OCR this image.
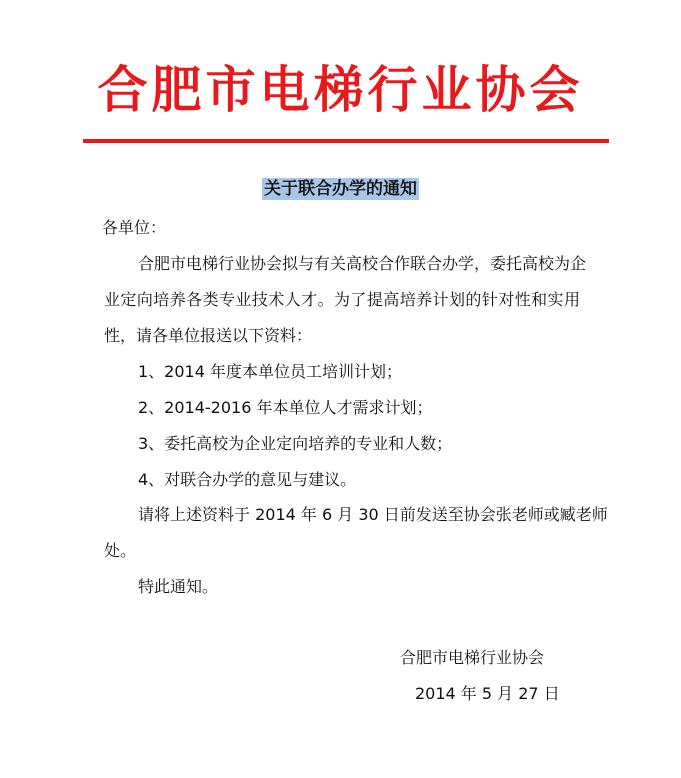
合肥市电梯行业协会
关于联合办学的通知
各单位：
合肥市电梯行业协会拟与有关高校合作联合办学，委托高校为企
业定向培养各类专业技术人才。为了提高培养计划的针对性和实用
性，请各单位报送以下资料：
1、2014 年度本单位员工培训计划；
2、2014-2016 年本单位人才需求计划；
3、委托高校为企业定向培养的专业和人数；
4、对联合办学的意见与建议。
请将上述资料于 2014 年 6 月 30 日前发送至协会张老师或臧老师
处。
特此通知。
合肥市电梯行业协会
2014 年 5 月 27 日
